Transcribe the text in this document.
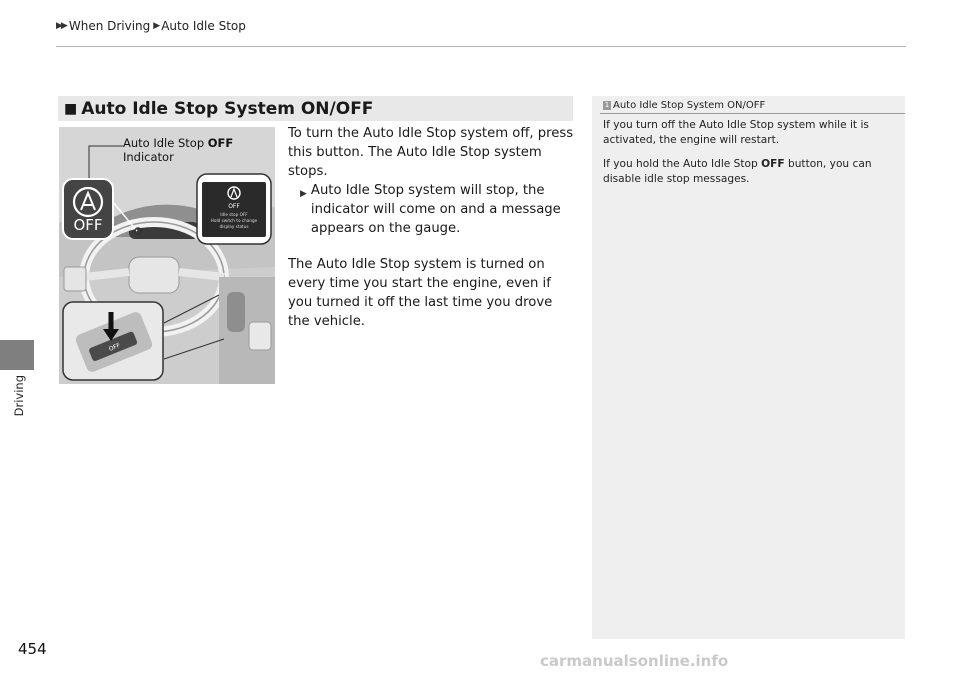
▶▶ When Driving ▶ Auto Idle Stop
Driving
■ Auto Idle Stop System ON/OFF
OFF
OFF
Idle stop OFF
Hold switch to change
display status
OFF
Auto Idle Stop OFF
Indicator

To turn the Auto Idle Stop system off, press this button. The Auto Idle Stop system stops.

▶ Auto Idle Stop system will stop, the indicator will come on and a message appears on the gauge.

The Auto Idle Stop system is turned on every time you start the engine, even if you turned it off the last time you drove the vehicle.

1 Auto Idle Stop System ON/OFF

If you turn off the Auto Idle Stop system while it is activated, the engine will restart.

If you hold the Auto Idle Stop OFF button, you can disable idle stop messages.

454
carmanualsonline.info
